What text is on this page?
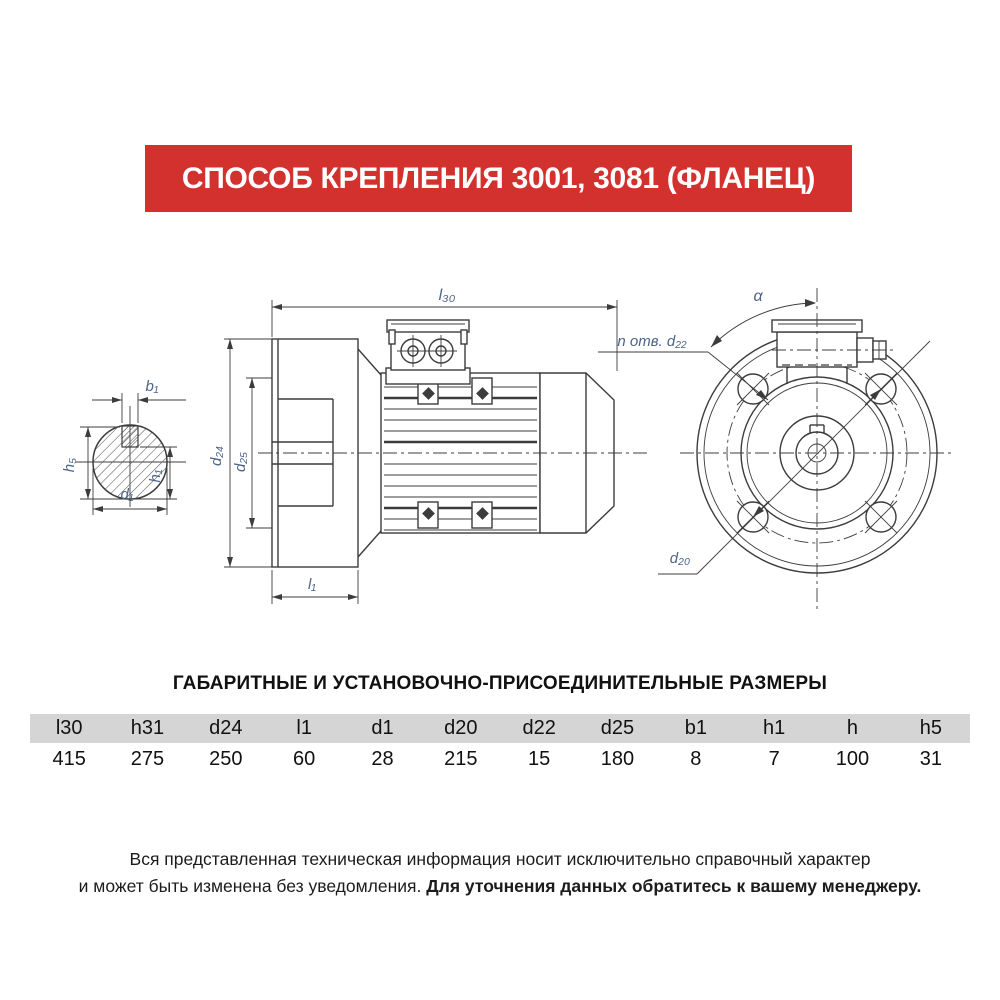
СПОСОБ КРЕПЛЕНИЯ 3001, 3081 (ФЛАНЕЦ)
b₁
h₅
h₁
d₁
l₃₀
d₂₄ d₂₅
l₁
d₂₀
α
n отв. d₂₂
ГАБАРИТНЫЕ И УСТАНОВОЧНО-ПРИСОЕДИНИТЕЛЬНЫЕ РАЗМЕРЫ
l30	h31	d24	l1	d1	d20	d22	d25	b1	h1	h	h5
415	275	250	60	28	215	15	180	8	7	100	31
Вся представленная техническая информация носит исключительно справочный характер
и может быть изменена без уведомления. Для уточнения данных обратитесь к вашему менеджеру.
